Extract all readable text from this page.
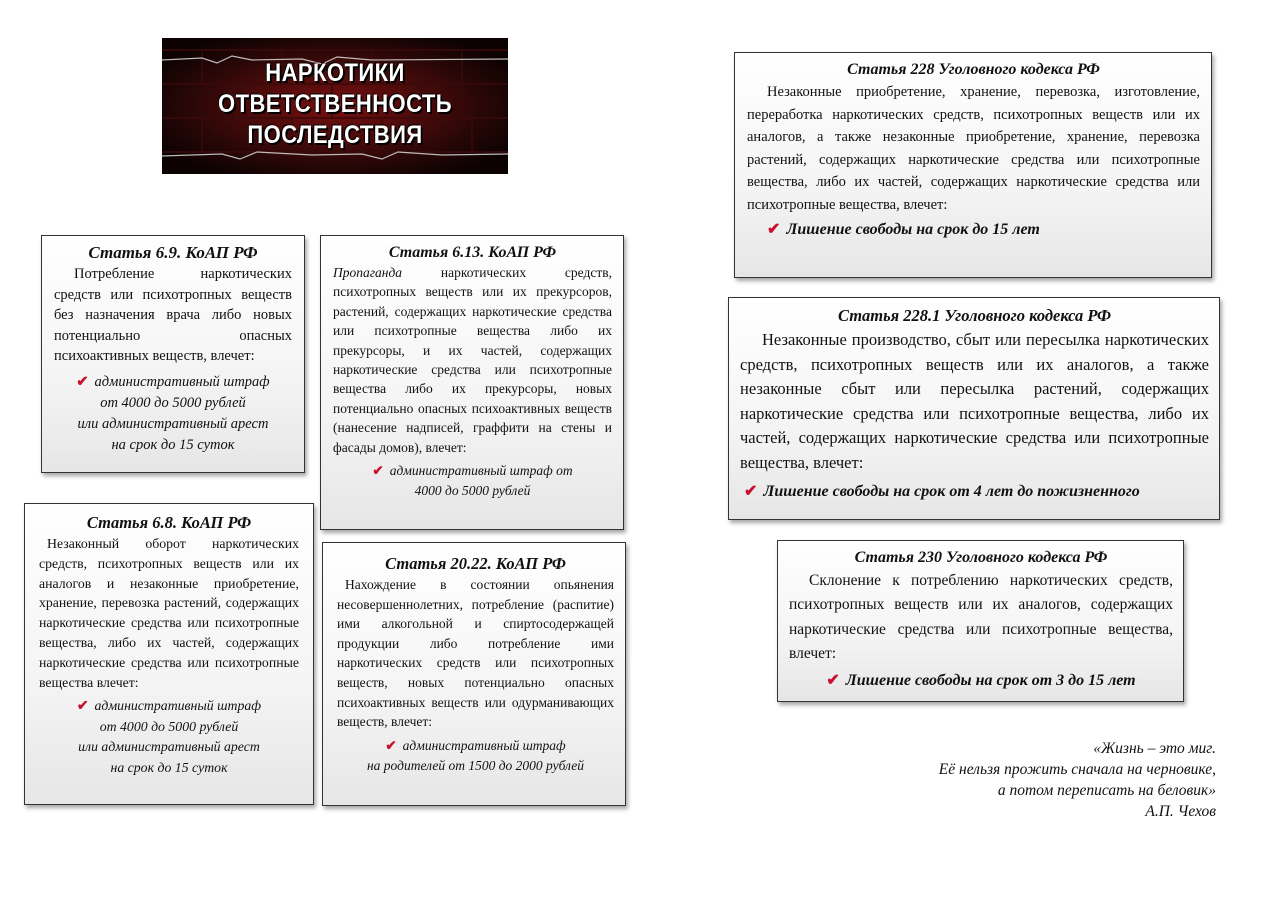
НАРКОТИКИ
ОТВЕТСТВЕННОСТЬ
ПОСЛЕДСТВИЯ

Статья 6.9. КоАП РФ

Потребление наркотических средств или психотропных веществ без назначения врача либо новых потенциально опасных психоактивных веществ, влечет:

✔ административный штраф
от 4000 до 5000 рублей
или административный арест
на срок до 15 суток

Статья 6.13. КоАП РФ

Пропаганда наркотических средств, психотропных веществ или их прекурсоров, растений, содержащих наркотические средства или психотропные вещества либо их прекурсоры, и их частей, содержащих наркотические средства или психотропные вещества либо их прекурсоры, новых потенциально опасных психоактивных веществ (нанесение надписей, граффити на стены и фасады домов), влечет:

✔ административный штраф от
4000 до 5000 рублей

Статья 6.8. КоАП РФ

Незаконный оборот наркотических средств, психотропных веществ или их аналогов и незаконные приобретение, хранение, перевозка растений, содержащих наркотические средства или психотропные вещества, либо их частей, содержащих наркотические средства или психотропные вещества влечет:

✔ административный штраф
от 4000 до 5000 рублей
или административный арест
на срок до 15 суток

Статья 20.22. КоАП РФ

Нахождение в состоянии опьянения несовершеннолетних, потребление (распитие) ими алкогольной и спиртосодержащей продукции либо потребление ими наркотических средств или психотропных веществ, новых потенциально опасных психоактивных веществ или одурманивающих веществ, влечет:

✔ административный штраф
на родителей от 1500 до 2000 рублей

Статья 228 Уголовного кодекса РФ

Незаконные приобретение, хранение, перевозка, изготовление, переработка наркотических средств, психотропных веществ или их аналогов, а также незаконные приобретение, хранение, перевозка растений, содержащих наркотические средства или психотропные вещества, либо их частей, содержащих наркотические средства или психотропные вещества, влечет:

✔ Лишение свободы на срок до 15 лет

Статья 228.1 Уголовного кодекса РФ

Незаконные производство, сбыт или пересылка наркотических средств, психотропных веществ или их аналогов, а также незаконные сбыт или пересылка растений, содержащих наркотические средства или психотропные вещества, либо их частей, содержащих наркотические средства или психотропные вещества, влечет:

✔ Лишение свободы на срок от 4 лет до пожизненного

Статья 230 Уголовного кодекса РФ

Склонение к потреблению наркотических средств, психотропных веществ или их аналогов, содержащих наркотические средства или психотропные вещества, влечет:

✔ Лишение свободы на срок от 3 до 15 лет

«Жизнь – это миг.
Её нельзя прожить сначала на черновике,
а потом переписать на беловик»
А.П. Чехов
